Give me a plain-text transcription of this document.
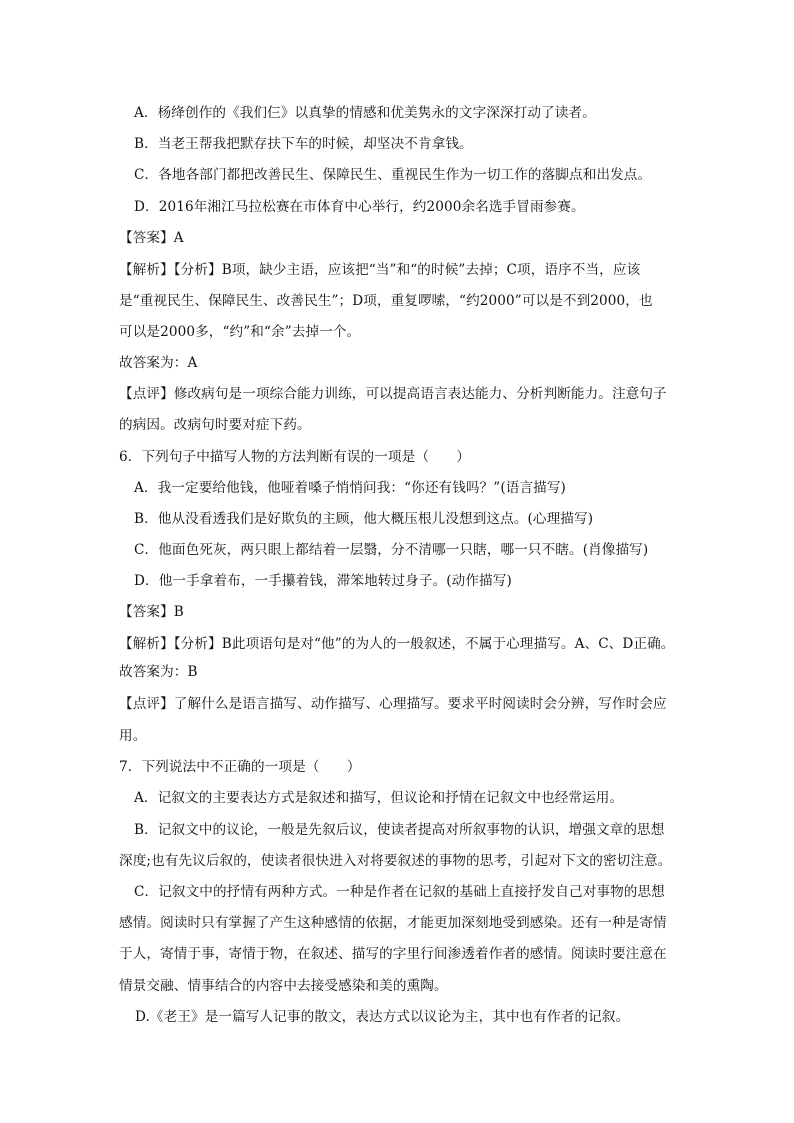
A．杨绛创作的《我们仨》以真挚的情感和优美隽永的文字深深打动了读者。
B．当老王帮我把默存扶下车的时候，却坚决不肯拿钱。
C．各地各部门都把改善民生、保障民生、重视民生作为一切工作的落脚点和出发点。
D．2016年湘江马拉松赛在市体育中心举行，约2000余名选手冒雨参赛。
【答案】A
【解析】【分析】B项，缺少主语，应该把“当”和“的时候”去掉；C项，语序不当，应该
是“重视民生、保障民生、改善民生”；D项，重复啰嗦，“约2000”可以是不到2000，也
可以是2000多，“约”和“余”去掉一个。
故答案为：A
【点评】修改病句是一项综合能力训练，可以提高语言表达能力、分析判断能力。注意句子
的病因。改病句时要对症下药。
6．下列句子中描写人物的方法判断有误的一项是（　　）
A．我一定要给他钱，他哑着嗓子悄悄问我：“你还有钱吗？”(语言描写)
B．他从没看透我们是好欺负的主顾，他大概压根儿没想到这点。(心理描写)
C．他面色死灰，两只眼上都结着一层翳，分不清哪一只瞎，哪一只不瞎。(肖像描写)
D．他一手拿着布，一手攥着钱，滞笨地转过身子。(动作描写)
【答案】B
【解析】【分析】B此项语句是对“他”的为人的一般叙述，不属于心理描写。A、C、D正确。
故答案为：B
【点评】了解什么是语言描写、动作描写、心理描写。要求平时阅读时会分辨，写作时会应
用。
7．下列说法中不正确的一项是（　　）
A．记叙文的主要表达方式是叙述和描写，但议论和抒情在记叙文中也经常运用。
B．记叙文中的议论，一般是先叙后议，使读者提高对所叙事物的认识，增强文章的思想
深度;也有先议后叙的，使读者很快进入对将要叙述的事物的思考，引起对下文的密切注意。
C．记叙文中的抒情有两种方式。一种是作者在记叙的基础上直接抒发自己对事物的思想
感情。阅读时只有掌握了产生这种感情的依据，才能更加深刻地受到感染。还有一种是寄情
于人，寄情于事，寄情于物，在叙述、描写的字里行间渗透着作者的感情。阅读时要注意在
情景交融、情事结合的内容中去接受感染和美的熏陶。
D.《老王》是一篇写人记事的散文，表达方式以议论为主，其中也有作者的记叙。
